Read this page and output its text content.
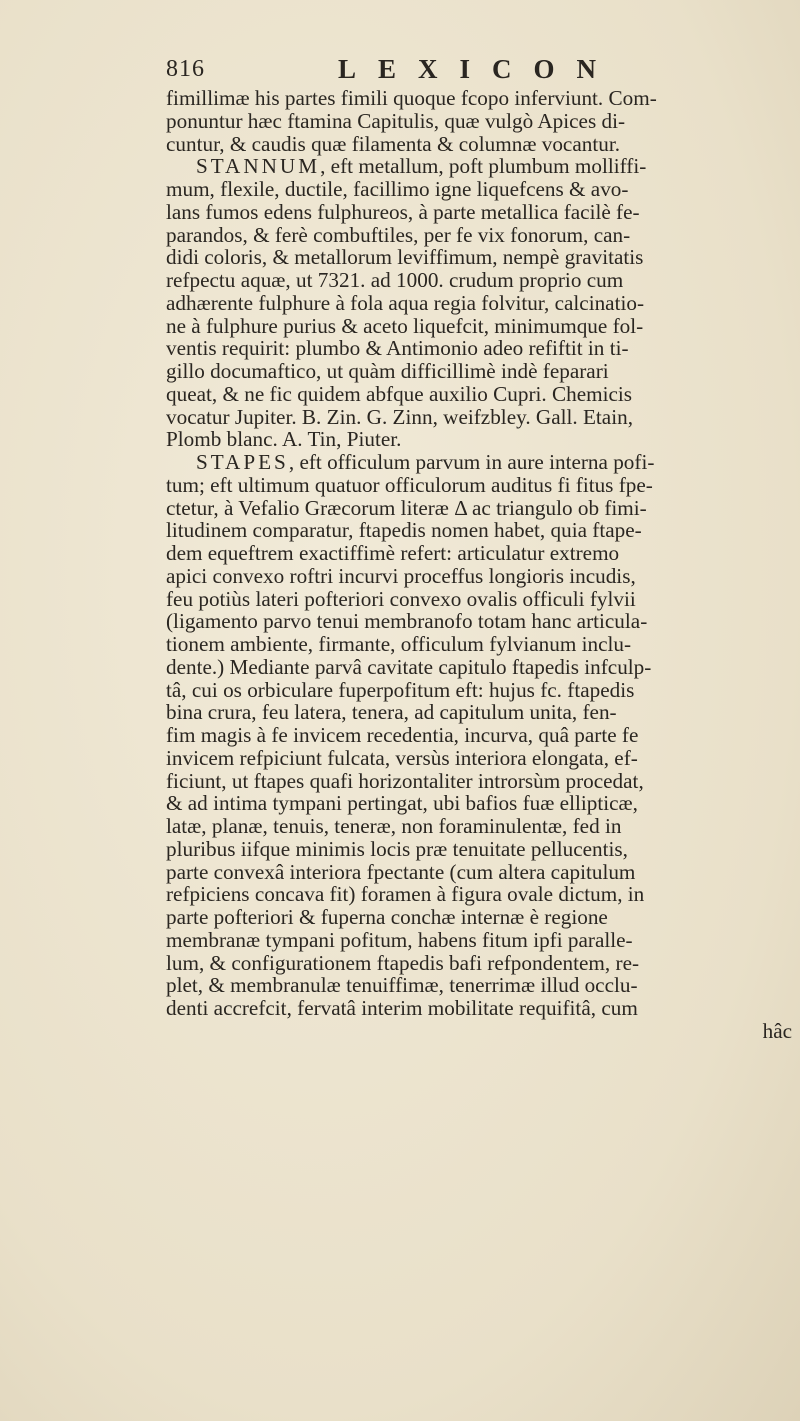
816	LEXICON
fimillimæ his partes fimili quoque fcopo inferviunt. Com-
ponuntur hæc ftamina Capitulis, quæ vulgò Apices di-
cuntur, & caudis quæ filamenta & columnæ vocantur.
STANNUM, eft metallum, poft plumbum molliffi-
mum, flexile, ductile, facillimo igne liquefcens & avo-
lans fumos edens fulphureos, à parte metallica facilè fe-
parandos, & ferè combuftiles, per fe vix fonorum, can-
didi coloris, & metallorum leviffimum, nempè gravitatis
refpectu aquæ, ut 7321. ad 1000. crudum proprio cum
adhærente fulphure à fola aqua regia folvitur, calcinatio-
ne à fulphure purius & aceto liquefcit, minimumque fol-
ventis requirit: plumbo & Antimonio adeo refiftit in ti-
gillo documaftico, ut quàm difficillimè indè feparari
queat, & ne fic quidem abfque auxilio Cupri. Chemicis
vocatur Jupiter. B. Zin. G. Zinn, weifzbley. Gall. Etain,
Plomb blanc. A. Tin, Piuter.
STAPES, eft officulum parvum in aure interna pofi-
tum; eft ultimum quatuor officulorum auditus fi fitus fpe-
ctetur, à Vefalio Græcorum literæ Δ ac triangulo ob fimi-
litudinem comparatur, ftapedis nomen habet, quia ftape-
dem equeftrem exactiffimè refert: articulatur extremo
apici convexo roftri incurvi proceffus longioris incudis,
feu potiùs lateri pofteriori convexo ovalis officuli fylvii
(ligamento parvo tenui membranofo totam hanc articula-
tionem ambiente, firmante, officulum fylvianum inclu-
dente.) Mediante parvâ cavitate capitulo ftapedis infculp-
tâ, cui os orbiculare fuperpofitum eft: hujus fc. ftapedis
bina crura, feu latera, tenera, ad capitulum unita, fen-
fim magis à fe invicem recedentia, incurva, quâ parte fe
invicem refpiciunt fulcata, versùs interiora elongata, ef-
ficiunt, ut ftapes quafi horizontaliter introrsùm procedat,
& ad intima tympani pertingat, ubi bafios fuæ ellipticæ,
latæ, planæ, tenuis, teneræ, non foraminulentæ, fed in
pluribus iifque minimis locis præ tenuitate pellucentis,
parte convexâ interiora fpectante (cum altera capitulum
refpiciens concava fit) foramen à figura ovale dictum, in
parte pofteriori & fuperna conchæ internæ è regione
membranæ tympani pofitum, habens fitum ipfi paralle-
lum, & configurationem ftapedis bafi refpondentem, re-
plet, & membranulæ tenuiffimæ, tenerrimæ illud occlu-
denti accrefcit, fervatâ interim mobilitate requifitâ, cum
hâc
